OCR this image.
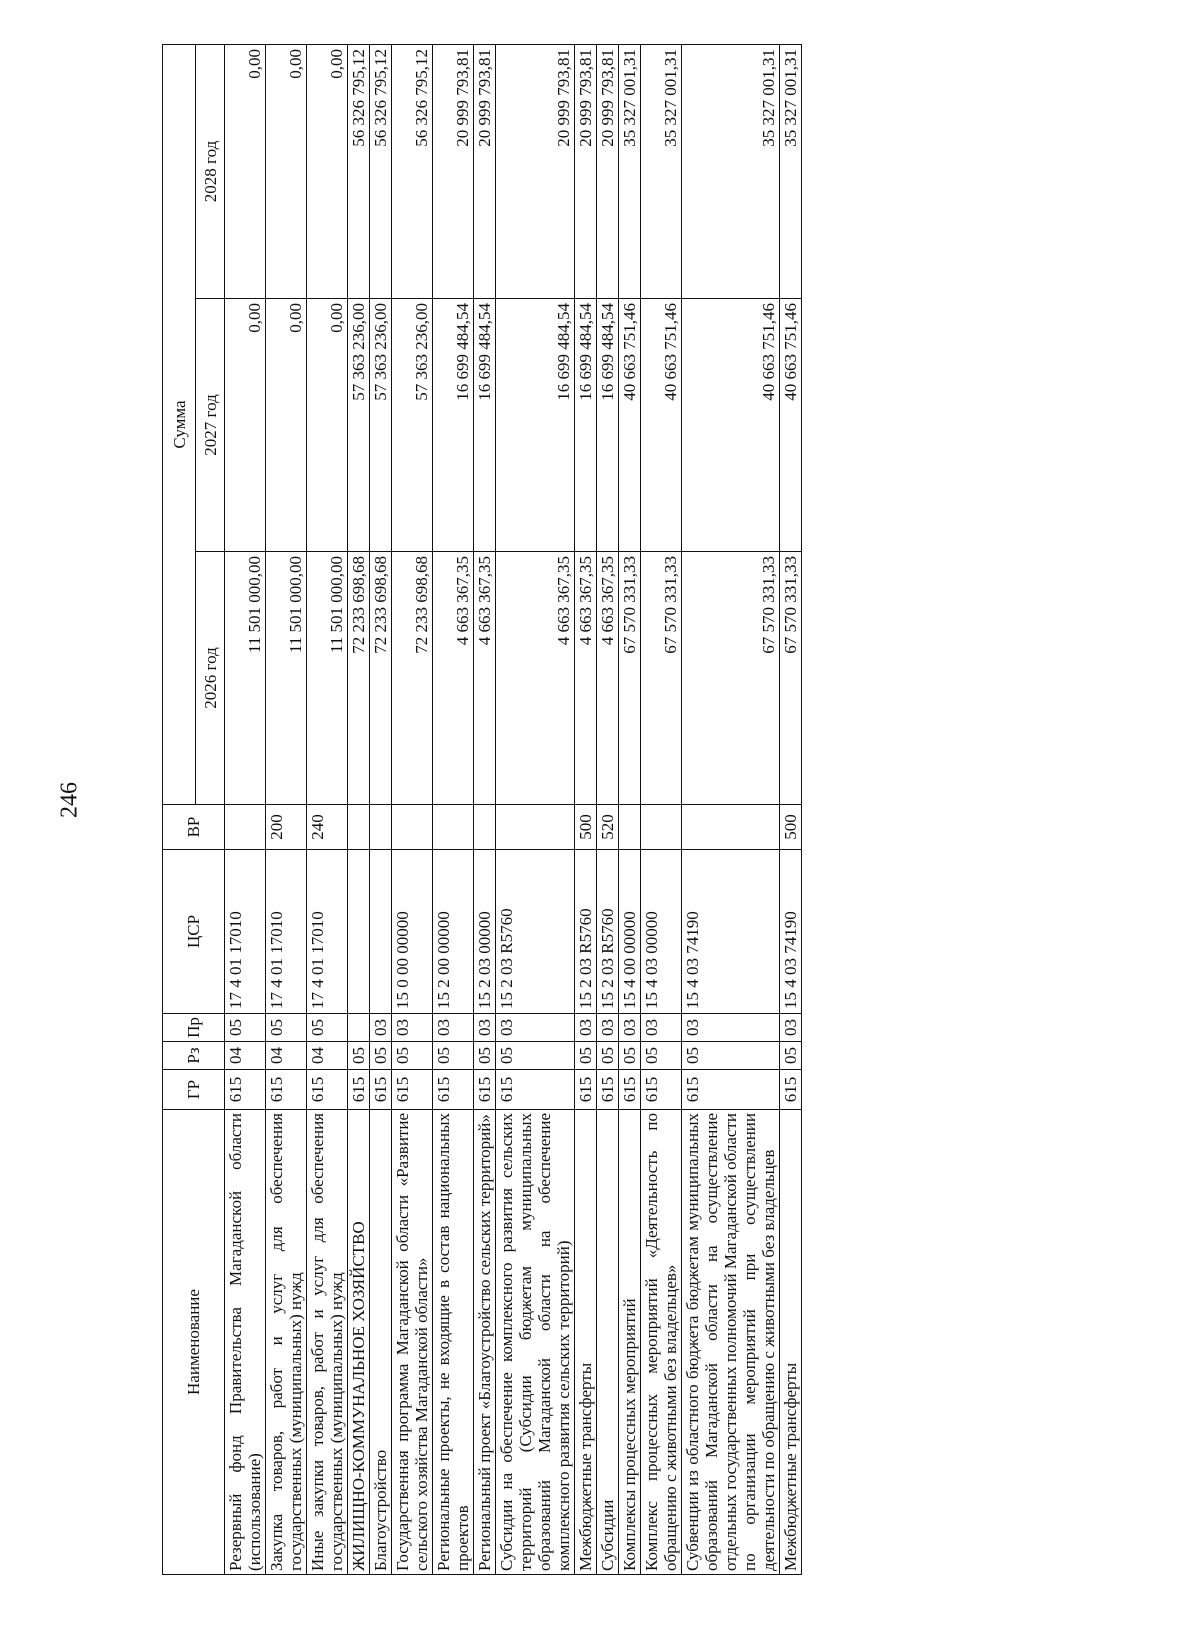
246
Наименование	ГР	Рз	Пр	ЦСР	ВР	Сумма		
						2026 год	2027 год	2028 год
Резервный фонд Правительства Магаданской области (использование)	615	04	05	17 4 01 17010		11 501 000,00	0,00	0,00
Закупка товаров, работ и услуг для обеспечения государственных (муниципальных) нужд	615	04	05	17 4 01 17010	200	11 501 000,00	0,00	0,00
Иные закупки товаров, работ и услуг для обеспечения государственных (муниципальных) нужд	615	04	05	17 4 01 17010	240	11 501 000,00	0,00	0,00
ЖИЛИЩНО-КОММУНАЛЬНОЕ ХОЗЯЙСТВО	615	05				72 233 698,68	57 363 236,00	56 326 795,12
Благоустройство	615	05	03			72 233 698,68	57 363 236,00	56 326 795,12
Государственная программа Магаданской области «Развитие сельского хозяйства Магаданской области»	615	05	03	15 0 00 00000		72 233 698,68	57 363 236,00	56 326 795,12
Региональные проекты, не входящие в состав национальных проектов	615	05	03	15 2 00 00000		4 663 367,35	16 699 484,54	20 999 793,81
Региональный проект «Благоустройство сельских территорий»	615	05	03	15 2 03 00000		4 663 367,35	16 699 484,54	20 999 793,81
Субсидии на обеспечение комплексного развития сельских территорий (Субсидии бюджетам муниципальных образований Магаданской области на обеспечение комплексного развития сельских территорий)	615	05	03	15 2 03 R5760		4 663 367,35	16 699 484,54	20 999 793,81
Межбюджетные трансферты	615	05	03	15 2 03 R5760	500	4 663 367,35	16 699 484,54	20 999 793,81
Субсидии	615	05	03	15 2 03 R5760	520	4 663 367,35	16 699 484,54	20 999 793,81
Комплексы процессных мероприятий	615	05	03	15 4 00 00000		67 570 331,33	40 663 751,46	35 327 001,31
Комплекс процессных мероприятий «Деятельность по обращению с животными без владельцев»	615	05	03	15 4 03 00000		67 570 331,33	40 663 751,46	35 327 001,31
Субвенции из областного бюджета бюджетам муниципальных образований Магаданской области на осуществление отдельных государственных полномочий Магаданской области по организации мероприятий при осуществлении деятельности по обращению с животными без владельцев	615	05	03	15 4 03 74190		67 570 331,33	40 663 751,46	35 327 001,31
Межбюджетные трансферты	615	05	03	15 4 03 74190	500	67 570 331,33	40 663 751,46	35 327 001,31
